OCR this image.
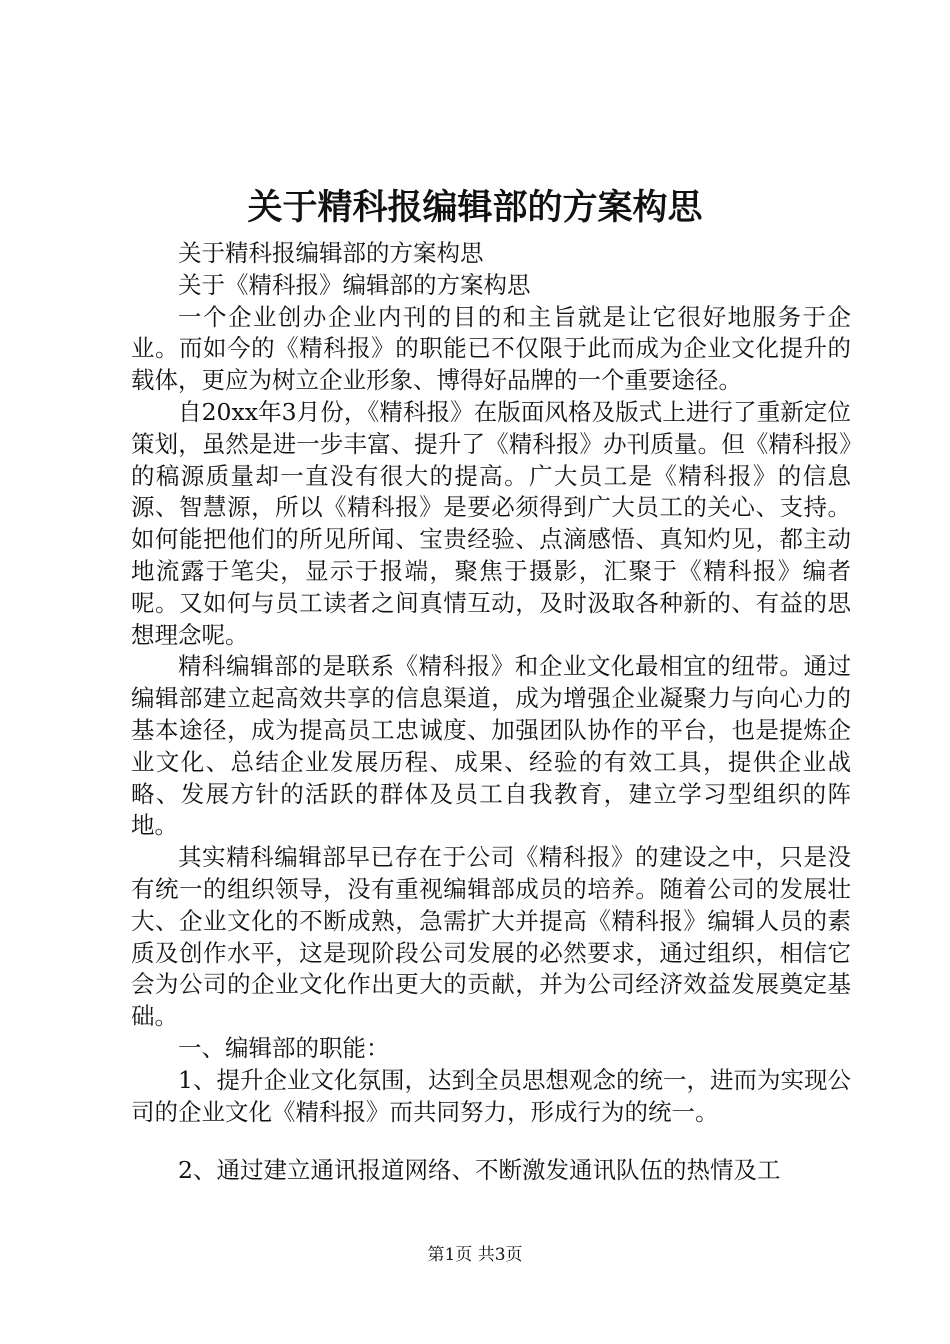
关于精科报编辑部的方案构思

关于精科报编辑部的方案构思

关于《精科报》编辑部的方案构思

一个企业创办企业内刊的目的和主旨就是让它很好地服务于企业。而如今的《精科报》的职能已不仅限于此而成为企业文化提升的载体，更应为树立企业形象、博得好品牌的一个重要途径。

自20xx年3月份，《精科报》在版面风格及版式上进行了重新定位策划，虽然是进一步丰富、提升了《精科报》办刊质量。但《精科报》的稿源质量却一直没有很大的提高。广大员工是《精科报》的信息源、智慧源，所以《精科报》是要必须得到广大员工的关心、支持。如何能把他们的所见所闻、宝贵经验、点滴感悟、真知灼见，都主动地流露于笔尖，显示于报端，聚焦于摄影，汇聚于《精科报》编者呢。又如何与员工读者之间真情互动，及时汲取各种新的、有益的思想理念呢。

精科编辑部的是联系《精科报》和企业文化最相宜的纽带。通过编辑部建立起高效共享的信息渠道，成为增强企业凝聚力与向心力的基本途径，成为提高员工忠诚度、加强团队协作的平台，也是提炼企业文化、总结企业发展历程、成果、经验的有效工具，提供企业战略、发展方针的活跃的群体及员工自我教育，建立学习型组织的阵地。

其实精科编辑部早已存在于公司《精科报》的建设之中，只是没有统一的组织领导，没有重视编辑部成员的培养。随着公司的发展壮大、企业文化的不断成熟，急需扩大并提高《精科报》编辑人员的素质及创作水平，这是现阶段公司发展的必然要求，通过组织，相信它会为公司的企业文化作出更大的贡献，并为公司经济效益发展奠定基础。

一、编辑部的职能：

1、提升企业文化氛围，达到全员思想观念的统一，进而为实现公司的企业文化《精科报》而共同努力，形成行为的统一。

2、通过建立通讯报道网络、不断激发通讯队伍的热情及工

第1页 共3页
